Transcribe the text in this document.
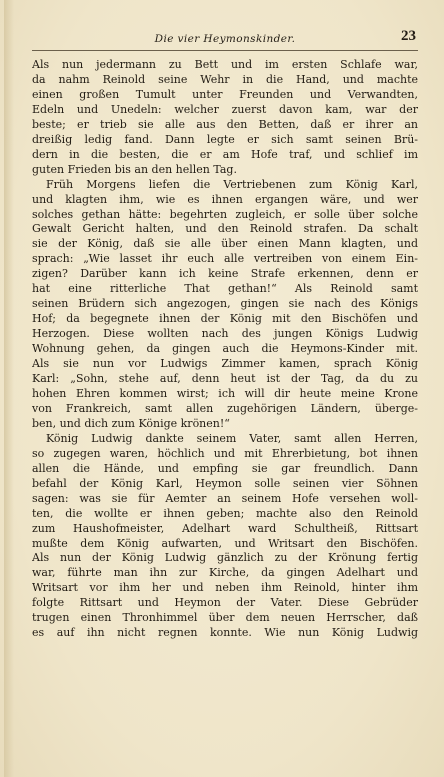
Die vier Heymonskinder.	23
Als nun jedermann zu Bett und im ersten Schlafe war,
da nahm Reinold seine Wehr in die Hand, und machte
einen großen Tumult unter Freunden und Verwandten,
Edeln und Unedeln: welcher zuerst davon kam, war der
beste; er trieb sie alle aus den Betten, daß er ihrer an
dreißig ledig fand. Dann legte er sich samt seinen Brü-
dern in die besten, die er am Hofe traf, und schlief im
guten Frieden bis an den hellen Tag.
Früh Morgens liefen die Vertriebenen zum König Karl,
und klagten ihm, wie es ihnen ergangen wäre, und wer
solches gethan hätte: begehrten zugleich, er solle über solche
Gewalt Gericht halten, und den Reinold strafen. Da schalt
sie der König, daß sie alle über einen Mann klagten, und
sprach: „Wie lasset ihr euch alle vertreiben von einem Ein-
zigen? Darüber kann ich keine Strafe erkennen, denn er
hat eine ritterliche That gethan!“ Als Reinold samt
seinen Brüdern sich angezogen, gingen sie nach des Königs
Hof; da begegnete ihnen der König mit den Bischöfen und
Herzogen. Diese wollten nach des jungen Königs Ludwig
Wohnung gehen, da gingen auch die Heymons-Kinder mit.
Als sie nun vor Ludwigs Zimmer kamen, sprach König
Karl: „Sohn, stehe auf, denn heut ist der Tag, da du zu
hohen Ehren kommen wirst; ich will dir heute meine Krone
von Frankreich, samt allen zugehörigen Ländern, überge-
ben, und dich zum Könige krönen!“
König Ludwig dankte seinem Vater, samt allen Herren,
so zugegen waren, höchlich und mit Ehrerbietung, bot ihnen
allen die Hände, und empfing sie gar freundlich. Dann
befahl der König Karl, Heymon solle seinen vier Söhnen
sagen: was sie für Aemter an seinem Hofe versehen woll-
ten, die wollte er ihnen geben; machte also den Reinold
zum Haushofmeister, Adelhart ward Schultheiß, Rittsart
mußte dem König aufwarten, und Writsart den Bischöfen.
Als nun der König Ludwig gänzlich zu der Krönung fertig
war, führte man ihn zur Kirche, da gingen Adelhart und
Writsart vor ihm her und neben ihm Reinold, hinter ihm
folgte Rittsart und Heymon der Vater. Diese Gebrüder
trugen einen Thronhimmel über dem neuen Herrscher, daß
es auf ihn nicht regnen konnte. Wie nun König Ludwig
